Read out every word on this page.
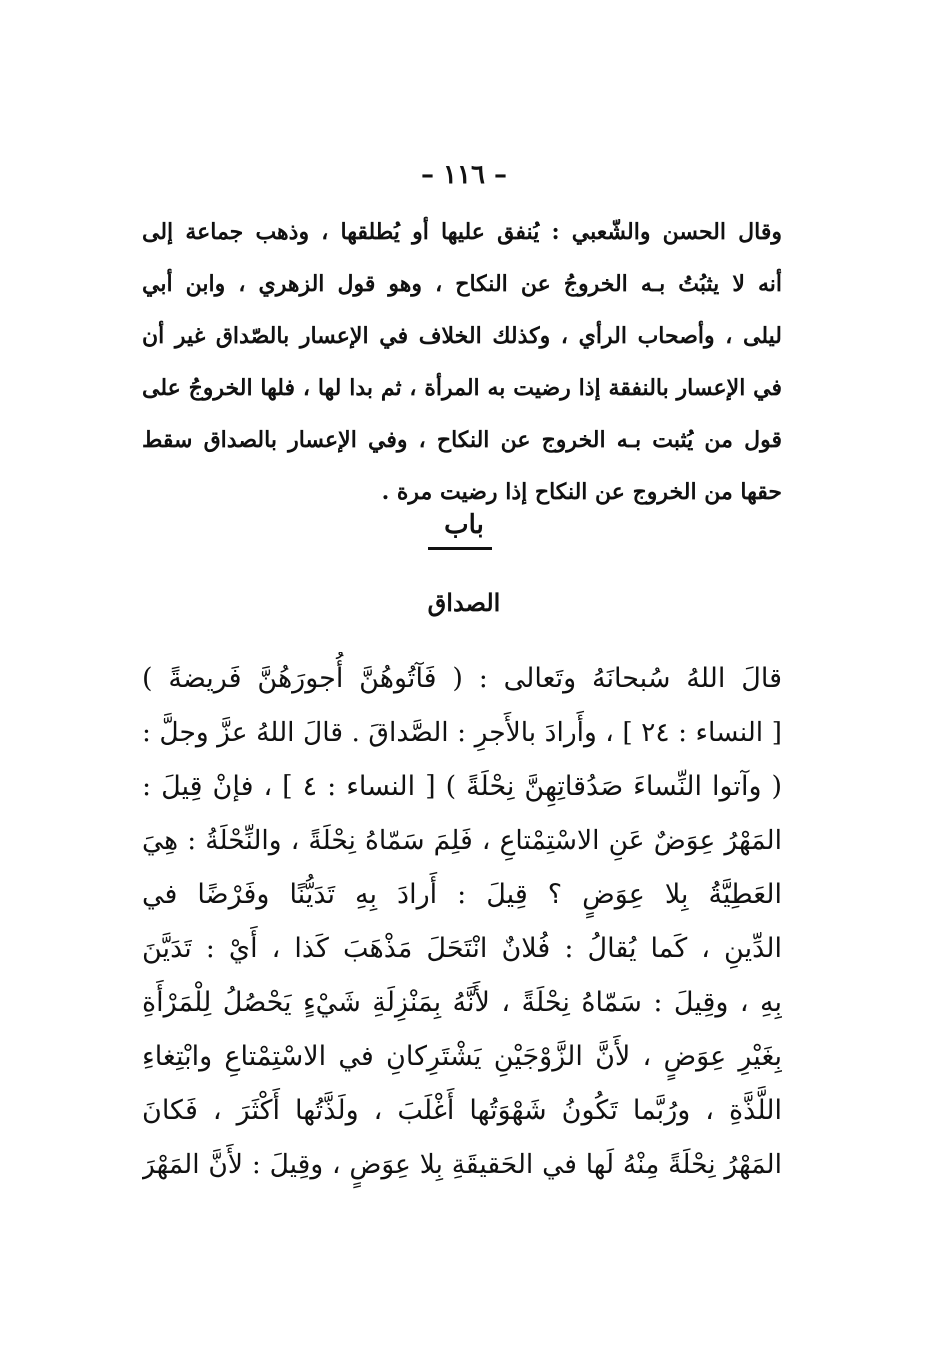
– ١١٦ –
وقال الحسن والشّعبي : يُنفق عليها أو يُطلقها ، وذهب جماعة إلى
أنه لا يثبُتُ بـه الخروجُ عن النكاح ، وهو قول الزهري ، وابن أبي
ليلى ، وأصحاب الرأي ، وكذلك الخلاف في الإعسار بالصّداق غير أن
في الإعسار بالنفقة إذا رضيت به المرأة ، ثم بدا لها ، فلها الخروجُ على
قول من يُثبت بـه الخروج عن النكاح ، وفي الإعسار بالصداق سقط
حقها من الخروج عن النكاح إذا رضيت مرة .
باب
الصداق
قالَ اللهُ سُبحانَهُ وتَعالى : ( فَآتُوهُنَّ أُجورَهُنَّ فَريضةً )
[ النساء : ٢٤ ] ، وأَرادَ بالأَجرِ : الصَّداقَ . قالَ اللهُ عزَّ وجلَّ :
( وآتوا النِّساءَ صَدُقاتِهِنَّ نِحْلَةً ) [ النساء : ٤ ] ، فإنْ قِيلَ :
المَهْرُ عِوَضٌ عَنِ الاسْتِمْتاعِ ، فَلِمَ سَمّاهُ نِحْلَةً ، والنِّحْلَةُ : هِيَ
العَطِيَّةُ بِلا عِوَضٍ ؟ قِيلَ : أَرادَ بِهِ تَدَيُّنًا وفَرْضًا في
الدِّينِ ، كَما يُقالُ : فُلانٌ انْتَحَلَ مَذْهَبَ كَذا ، أَيْ : تَدَيَّنَ
بِهِ ، وقِيلَ : سَمّاهُ نِحْلَةً ، لأَنَّهُ بِمَنْزِلَةِ شَيْءٍ يَحْصُلُ لِلْمَرْأَةِ
بِغَيْرِ عِوَضٍ ، لأَنَّ الزَّوْجَيْنِ يَشْتَرِكانِ في الاسْتِمْتاعِ وابْتِغاءِ
اللَّذَّةِ ، ورُبَّما تَكُونُ شَهْوَتُها أَغْلَبَ ، ولَذَّتُها أَكْثَرَ ، فَكانَ
المَهْرُ نِحْلَةً مِنْهُ لَها في الحَقيقَةِ بِلا عِوَضٍ ، وقِيلَ : لأَنَّ المَهْرَ
